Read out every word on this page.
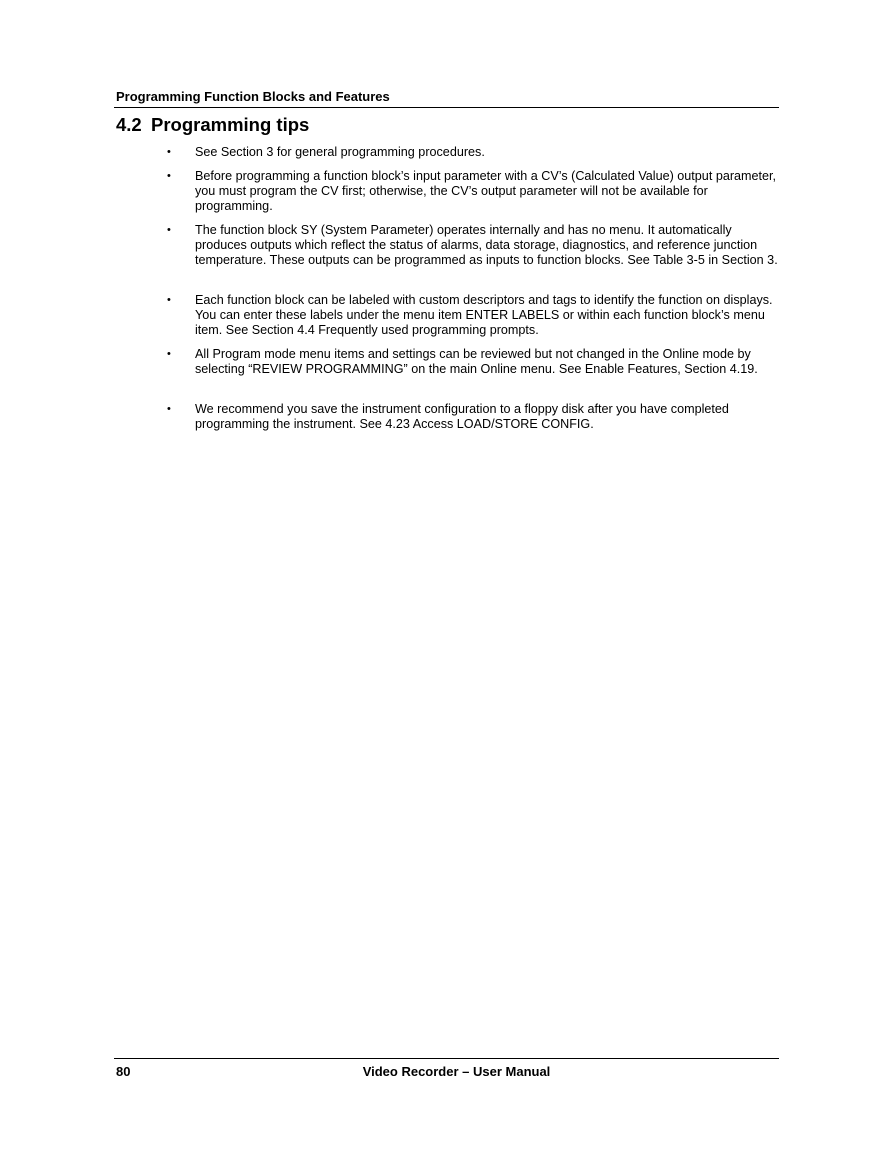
Programming Function Blocks and Features
4.2 Programming tips
•	See Section 3 for general programming procedures.
•	Before programming a function block’s input parameter with a CV’s (Calculated Value) output parameter, you must program the CV first; otherwise, the CV’s output parameter will not be available for programming.
•	The function block SY (System Parameter) operates internally and has no menu. It automatically produces outputs which reflect the status of alarms, data storage, diagnostics, and reference junction temperature. These outputs can be programmed as inputs to function blocks. See Table 3-5 in Section 3.
•	Each function block can be labeled with custom descriptors and tags to identify the function on displays. You can enter these labels under the menu item ENTER LABELS or within each function block’s menu item. See Section 4.4 Frequently used programming prompts.
•	All Program mode menu items and settings can be reviewed but not changed in the Online mode by selecting “REVIEW PROGRAMMING” on the main Online menu. See Enable Features, Section 4.19.
•	We recommend you save the instrument configuration to a floppy disk after you have completed programming the instrument. See 4.23 Access LOAD/STORE CONFIG.
80	Video Recorder – User Manual
